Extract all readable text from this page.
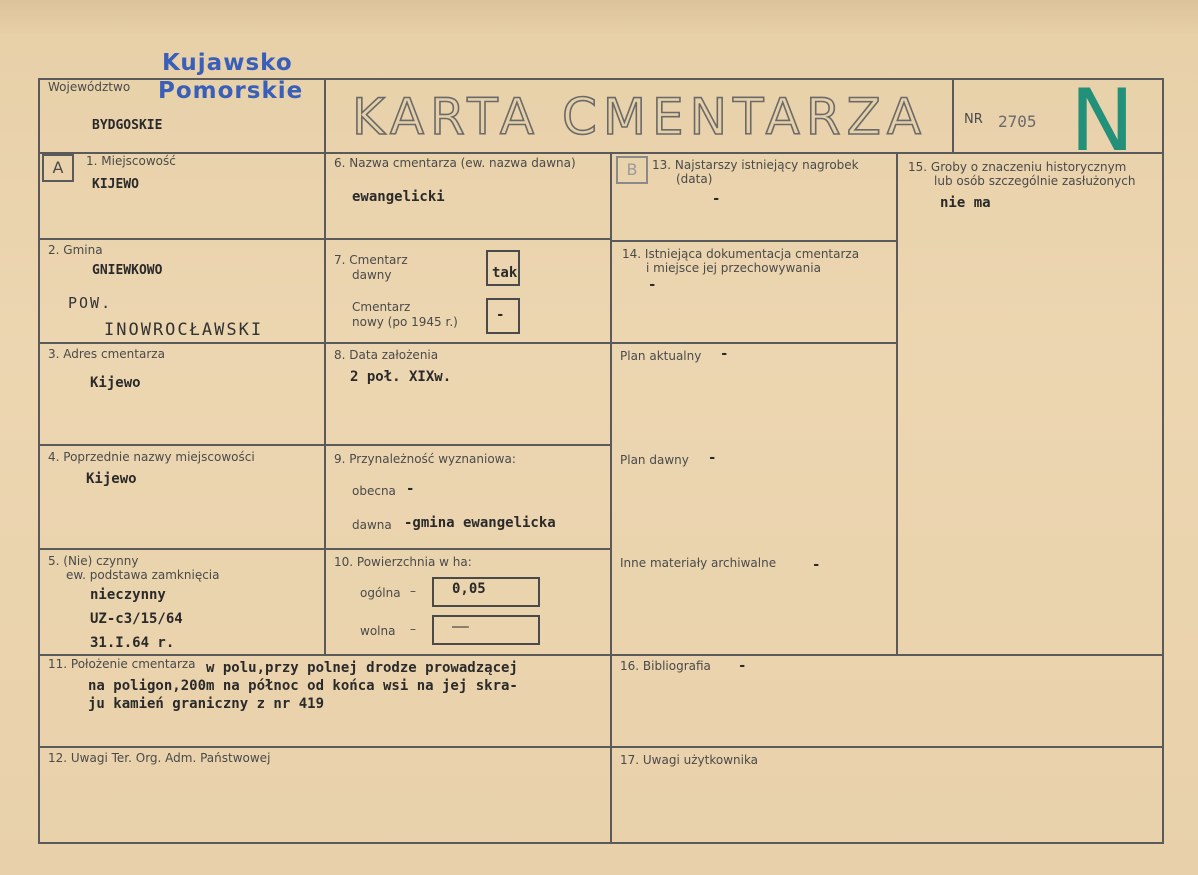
Kujawsko
Pomorskie
Województwo
BYDGOSKIE	KARTA CMENTARZA	NR 2705 N
A	B
1. Miejscowość
KIJEWO
2. Gmina
GNIEWKOWO
POW.
INOWROCŁAWSKI
3. Adres cmentarza
Kijewo
4. Poprzednie nazwy miejscowości
Kijewo
5. (Nie) czynny
ew. podstawa zamknięcia
nieczynny
UZ-c3/15/64
31.I.64 r.
6. Nazwa cmentarza (ew. nazwa dawna)
ewangelicki
7. Cmentarz
dawny	tak
Cmentarz
nowy (po 1945 r.)	-
8. Data założenia
2 poł. XIXw.
9. Przynależność wyznaniowa:
obecna -
dawna -gmina ewangelicka
10. Powierzchnia w ha:
ogólna –	0,05
wolna –	——
11. Położenie cmentarza w polu,przy polnej drodze prowadzącej
na poligon,200m na północ od końca wsi na jej skra-
ju kamień graniczny z nr 419
12. Uwagi Ter. Org. Adm. Państwowej
13. Najstarszy istniejący nagrobek
(data)
-
14. Istniejąca dokumentacja cmentarza
i miejsce jej przechowywania
-
Plan aktualny -
Plan dawny -
Inne materiały archiwalne	-
15. Groby o znaczeniu historycznym
lub osób szczególnie zasłużonych
nie ma
16. Bibliografia -
17. Uwagi użytkownika
